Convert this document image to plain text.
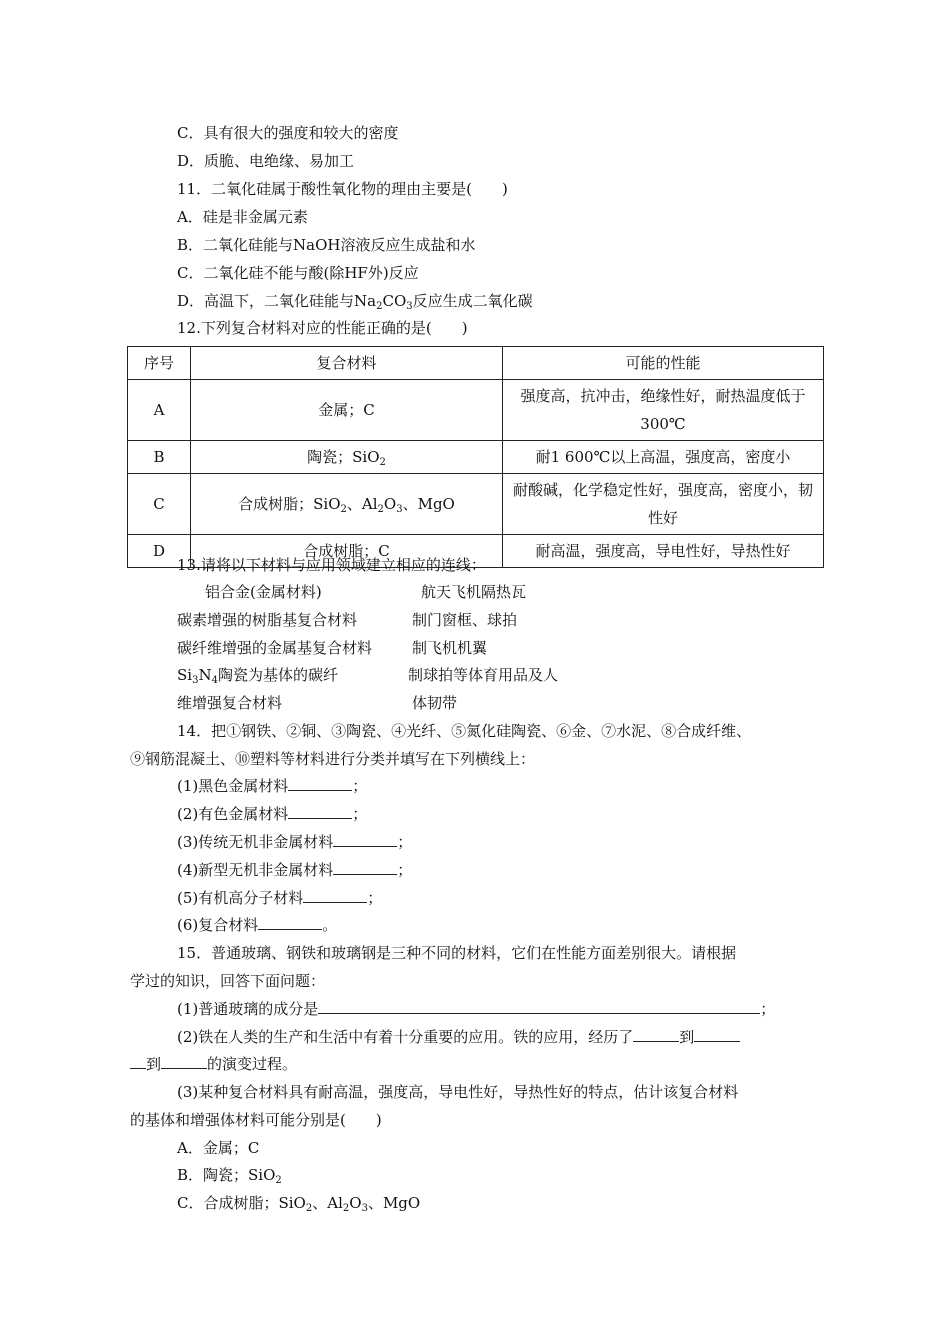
C．具有很大的强度和较大的密度
D．质脆、电绝缘、易加工
11．二氧化硅属于酸性氧化物的理由主要是(　　)
A．硅是非金属元素
B．二氧化硅能与NaOH溶液反应生成盐和水
C．二氧化硅不能与酸(除HF外)反应
D．高温下，二氧化硅能与$Na_2CO_3$反应生成二氧化碳
12.下列复合材料对应的性能正确的是(　　)
序号	复合材料	可能的性能
A	金属；C	强度高，抗冲击，绝缘性好，耐热温度低于300℃
B	陶瓷；SiO$_2$	耐1 600℃以上高温，强度高，密度小
C	合成树脂；SiO$_2$、$Al_2O_3$、MgO	耐酸碱，化学稳定性好，强度高，密度小，韧性好
D	合成树脂；C	耐高温，强度高，导电性好，导热性好
13.请将以下材料与应用领域建立相应的连线：
铝合金(金属材料)	航天飞机隔热瓦
碳素增强的树脂基复合材料	制门窗框、球拍
碳纤维增强的金属基复合材料	制飞机机翼
$Si_3N_4$陶瓷为基体的碳纤	制球拍等体育用品及人
维增强复合材料	体韧带
14．把①钢铁、②铜、③陶瓷、④光纤、⑤氮化硅陶瓷、⑥金、⑦水泥、⑧合成纤维、
⑨钢筋混凝土、⑩塑料等材料进行分类并填写在下列横线上：
(1)黑色金属材料	；
(2)有色金属材料	；
(3)传统无机非金属材料	；
(4)新型无机非金属材料	；
(5)有机高分子材料	；
(6)复合材料	。
15．普通玻璃、钢铁和玻璃钢是三种不同的材料，它们在性能方面差别很大。请根据
学过的知识，回答下面问题：
(1)普通玻璃的成分是	；
(2)铁在人类的生产和生活中有着十分重要的应用。铁的应用，经历了	到
到	的演变过程。
(3)某种复合材料具有耐高温，强度高，导电性好，导热性好的特点，估计该复合材料
的基体和增强体材料可能分别是(　　)
A．金属；C
B．陶瓷；SiO$_2$
C．合成树脂；SiO$_2$、$Al_2O_3$、MgO
